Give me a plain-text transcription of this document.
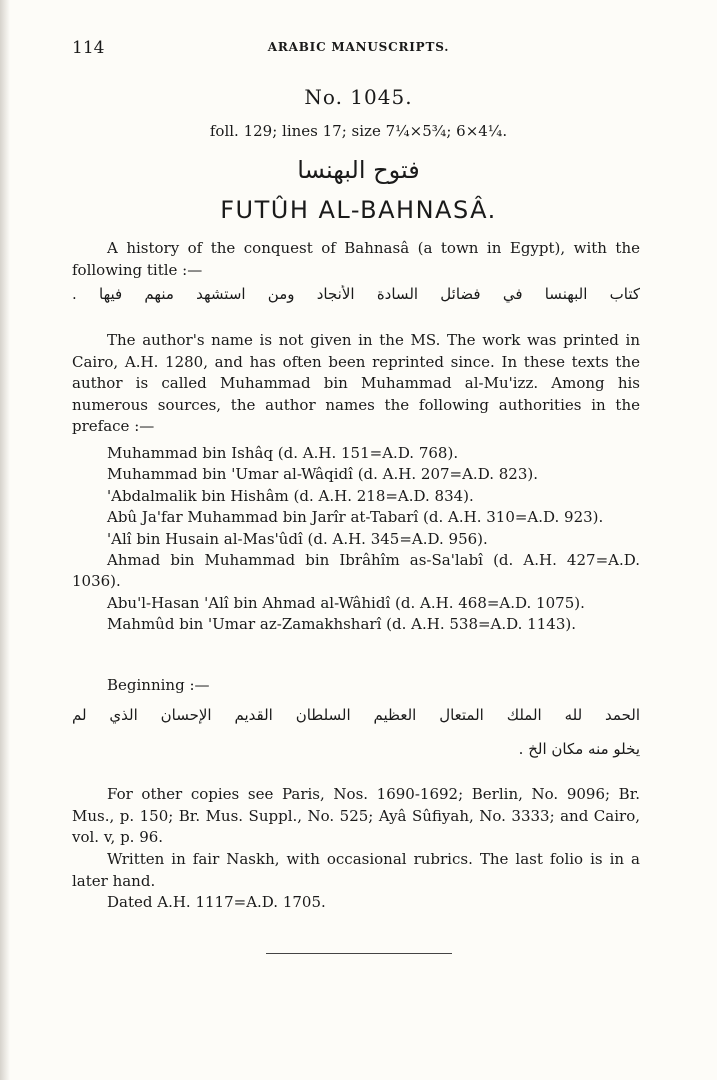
114	ARABIC MANUSCRIPTS.
No. 1045.
foll. 129; lines 17; size 7¼×5¾; 6×4¼.
فتوح البهنسا
FUTÛH AL-BAHNASÂ.
A history of the conquest of Bahnasâ (a town in Egypt), with the following title :—
كتاب البهنسا في فضائل السادة الأنجاد ومن استشهد منهم فيها .
The author's name is not given in the MS. The work was printed in Cairo, A.H. 1280, and has often been reprinted since. In these texts the author is called Muhammad bin Muhammad al-Mu'izz. Among his numerous sources, the author names the following authorities in the preface :—
Muhammad bin Ishâq (d. A.H. 151=A.D. 768).
Muhammad bin 'Umar al-Wâqidî (d. A.H. 207=A.D. 823).
'Abdalmalik bin Hishâm (d. A.H. 218=A.D. 834).
Abû Ja'far Muhammad bin Jarîr at-Tabarî (d. A.H. 310=A.D. 923).
'Alî bin Husain al-Mas'ûdî (d. A.H. 345=A.D. 956).
Ahmad bin Muhammad bin Ibrâhîm as-Sa'labî (d. A.H. 427=A.D. 1036).
Abu'l-Hasan 'Alî bin Ahmad al-Wâhidî (d. A.H. 468=A.D. 1075).
Mahmûd bin 'Umar az-Zamakhsharî (d. A.H. 538=A.D. 1143).
Beginning :—
الحمد لله الملك المتعال العظيم السلطان القديم الإحسان الذي لم
يخلو منه مكان الخ .
For other copies see Paris, Nos. 1690-1692; Berlin, No. 9096; Br. Mus., p. 150; Br. Mus. Suppl., No. 525; Ayâ Sûfiyah, No. 3333; and Cairo, vol. v, p. 96.
Written in fair Naskh, with occasional rubrics. The last folio is in a later hand.
Dated A.H. 1117=A.D. 1705.
